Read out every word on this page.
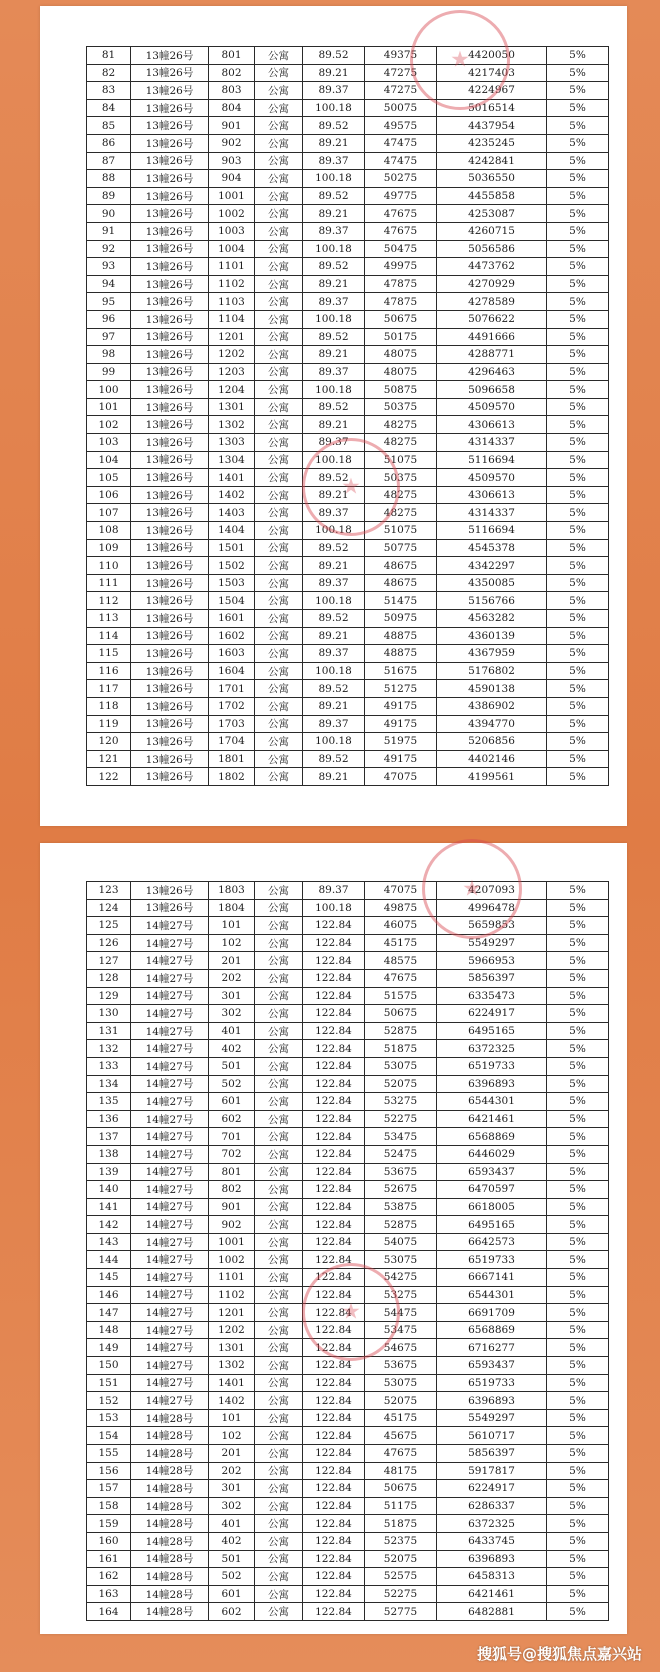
81	13幢26号	801	公寓	89.52	49375	4420050	5%
82	13幢26号	802	公寓	89.21	47275	4217403	5%
83	13幢26号	803	公寓	89.37	47275	4224967	5%
84	13幢26号	804	公寓	100.18	50075	5016514	5%
85	13幢26号	901	公寓	89.52	49575	4437954	5%
86	13幢26号	902	公寓	89.21	47475	4235245	5%
87	13幢26号	903	公寓	89.37	47475	4242841	5%
88	13幢26号	904	公寓	100.18	50275	5036550	5%
89	13幢26号	1001	公寓	89.52	49775	4455858	5%
90	13幢26号	1002	公寓	89.21	47675	4253087	5%
91	13幢26号	1003	公寓	89.37	47675	4260715	5%
92	13幢26号	1004	公寓	100.18	50475	5056586	5%
93	13幢26号	1101	公寓	89.52	49975	4473762	5%
94	13幢26号	1102	公寓	89.21	47875	4270929	5%
95	13幢26号	1103	公寓	89.37	47875	4278589	5%
96	13幢26号	1104	公寓	100.18	50675	5076622	5%
97	13幢26号	1201	公寓	89.52	50175	4491666	5%
98	13幢26号	1202	公寓	89.21	48075	4288771	5%
99	13幢26号	1203	公寓	89.37	48075	4296463	5%
100	13幢26号	1204	公寓	100.18	50875	5096658	5%
101	13幢26号	1301	公寓	89.52	50375	4509570	5%
102	13幢26号	1302	公寓	89.21	48275	4306613	5%
103	13幢26号	1303	公寓	89.37	48275	4314337	5%
104	13幢26号	1304	公寓	100.18	51075	5116694	5%
105	13幢26号	1401	公寓	89.52	50375	4509570	5%
106	13幢26号	1402	公寓	89.21	48275	4306613	5%
107	13幢26号	1403	公寓	89.37	48275	4314337	5%
108	13幢26号	1404	公寓	100.18	51075	5116694	5%
109	13幢26号	1501	公寓	89.52	50775	4545378	5%
110	13幢26号	1502	公寓	89.21	48675	4342297	5%
111	13幢26号	1503	公寓	89.37	48675	4350085	5%
112	13幢26号	1504	公寓	100.18	51475	5156766	5%
113	13幢26号	1601	公寓	89.52	50975	4563282	5%
114	13幢26号	1602	公寓	89.21	48875	4360139	5%
115	13幢26号	1603	公寓	89.37	48875	4367959	5%
116	13幢26号	1604	公寓	100.18	51675	5176802	5%
117	13幢26号	1701	公寓	89.52	51275	4590138	5%
118	13幢26号	1702	公寓	89.21	49175	4386902	5%
119	13幢26号	1703	公寓	89.37	49175	4394770	5%
120	13幢26号	1704	公寓	100.18	51975	5206856	5%
121	13幢26号	1801	公寓	89.52	49175	4402146	5%
122	13幢26号	1802	公寓	89.21	47075	4199561	5%
★
★
123	13幢26号	1803	公寓	89.37	47075	4207093	5%
124	13幢26号	1804	公寓	100.18	49875	4996478	5%
125	14幢27号	101	公寓	122.84	46075	5659853	5%
126	14幢27号	102	公寓	122.84	45175	5549297	5%
127	14幢27号	201	公寓	122.84	48575	5966953	5%
128	14幢27号	202	公寓	122.84	47675	5856397	5%
129	14幢27号	301	公寓	122.84	51575	6335473	5%
130	14幢27号	302	公寓	122.84	50675	6224917	5%
131	14幢27号	401	公寓	122.84	52875	6495165	5%
132	14幢27号	402	公寓	122.84	51875	6372325	5%
133	14幢27号	501	公寓	122.84	53075	6519733	5%
134	14幢27号	502	公寓	122.84	52075	6396893	5%
135	14幢27号	601	公寓	122.84	53275	6544301	5%
136	14幢27号	602	公寓	122.84	52275	6421461	5%
137	14幢27号	701	公寓	122.84	53475	6568869	5%
138	14幢27号	702	公寓	122.84	52475	6446029	5%
139	14幢27号	801	公寓	122.84	53675	6593437	5%
140	14幢27号	802	公寓	122.84	52675	6470597	5%
141	14幢27号	901	公寓	122.84	53875	6618005	5%
142	14幢27号	902	公寓	122.84	52875	6495165	5%
143	14幢27号	1001	公寓	122.84	54075	6642573	5%
144	14幢27号	1002	公寓	122.84	53075	6519733	5%
145	14幢27号	1101	公寓	122.84	54275	6667141	5%
146	14幢27号	1102	公寓	122.84	53275	6544301	5%
147	14幢27号	1201	公寓	122.84	54475	6691709	5%
148	14幢27号	1202	公寓	122.84	53475	6568869	5%
149	14幢27号	1301	公寓	122.84	54675	6716277	5%
150	14幢27号	1302	公寓	122.84	53675	6593437	5%
151	14幢27号	1401	公寓	122.84	53075	6519733	5%
152	14幢27号	1402	公寓	122.84	52075	6396893	5%
153	14幢28号	101	公寓	122.84	45175	5549297	5%
154	14幢28号	102	公寓	122.84	45675	5610717	5%
155	14幢28号	201	公寓	122.84	47675	5856397	5%
156	14幢28号	202	公寓	122.84	48175	5917817	5%
157	14幢28号	301	公寓	122.84	50675	6224917	5%
158	14幢28号	302	公寓	122.84	51175	6286337	5%
159	14幢28号	401	公寓	122.84	51875	6372325	5%
160	14幢28号	402	公寓	122.84	52375	6433745	5%
161	14幢28号	501	公寓	122.84	52075	6396893	5%
162	14幢28号	502	公寓	122.84	52575	6458313	5%
163	14幢28号	601	公寓	122.84	52275	6421461	5%
164	14幢28号	602	公寓	122.84	52775	6482881	5%
★
★
搜狐号@搜狐焦点嘉兴站
